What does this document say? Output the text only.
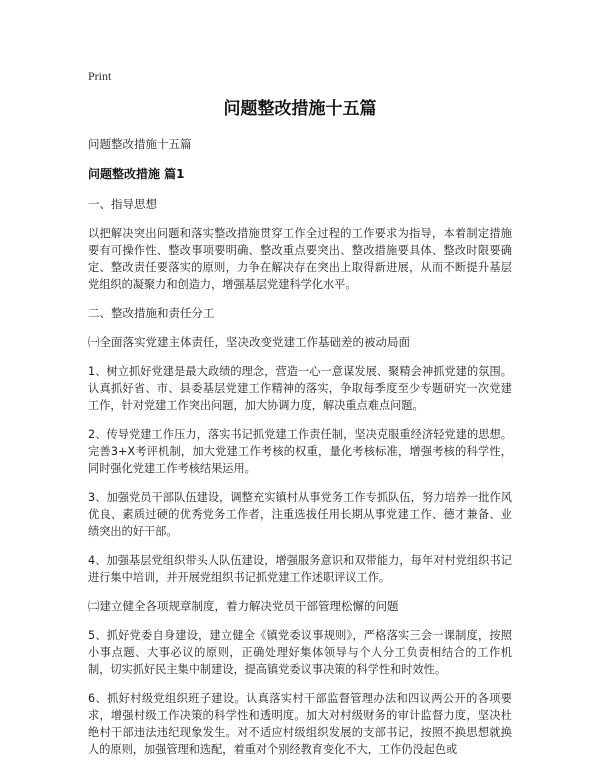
Print
问题整改措施十五篇
问题整改措施十五篇
问题整改措施 篇1
一、指导思想
以把解决突出问题和落实整改措施贯穿工作全过程的工作要求为指导，本着制定措施要有可操作性、整改事项要明确、整改重点要突出、整改措施要具体、整改时限要确定、整改责任要落实的原则，力争在解决存在突出上取得新进展，从而不断提升基层党组织的凝聚力和创造力，增强基层党建科学化水平。
二、整改措施和责任分工
㈠全面落实党建主体责任，坚决改变党建工作基础差的被动局面
1、树立抓好党建是最大政绩的理念，营造一心一意谋发展、聚精会神抓党建的氛围。认真抓好省、市、县委基层党建工作精神的落实，争取每季度至少专题研究一次党建工作，针对党建工作突出问题，加大协调力度，解决重点难点问题。
2、传导党建工作压力，落实书记抓党建工作责任制，坚决克服重经济轻党建的思想。完善3+X考评机制，加大党建工作考核的权重，量化考核标准，增强考核的科学性，同时强化党建工作考核结果运用。
3、加强党员干部队伍建设，调整充实镇村从事党务工作专抓队伍，努力培养一批作风优良、素质过硬的优秀党务工作者，注重选拔任用长期从事党建工作、德才兼备、业绩突出的好干部。
4、加强基层党组织带头人队伍建设，增强服务意识和双带能力，每年对村党组织书记进行集中培训，并开展党组织书记抓党建工作述职评议工作。
㈡建立健全各项规章制度，着力解决党员干部管理松懈的问题
5、抓好党委自身建设，建立健全《镇党委议事规则》，严格落实三会一课制度，按照小事点题、大事必议的原则，正确处理好集体领导与个人分工负责相结合的工作机制，切实抓好民主集中制建设，提高镇党委议事决策的科学性和时效性。
6、抓好村级党组织班子建设。认真落实村干部监督管理办法和四议两公开的各项要求，增强村级工作决策的科学性和透明度。加大对村级财务的审计监督力度，坚决杜绝村干部违法违纪现象发生。对不适应村级组织发展的支部书记，按照不换思想就换人的原则，加强管理和选配，着重对个别经教育变化不大，工作仍没起色或
